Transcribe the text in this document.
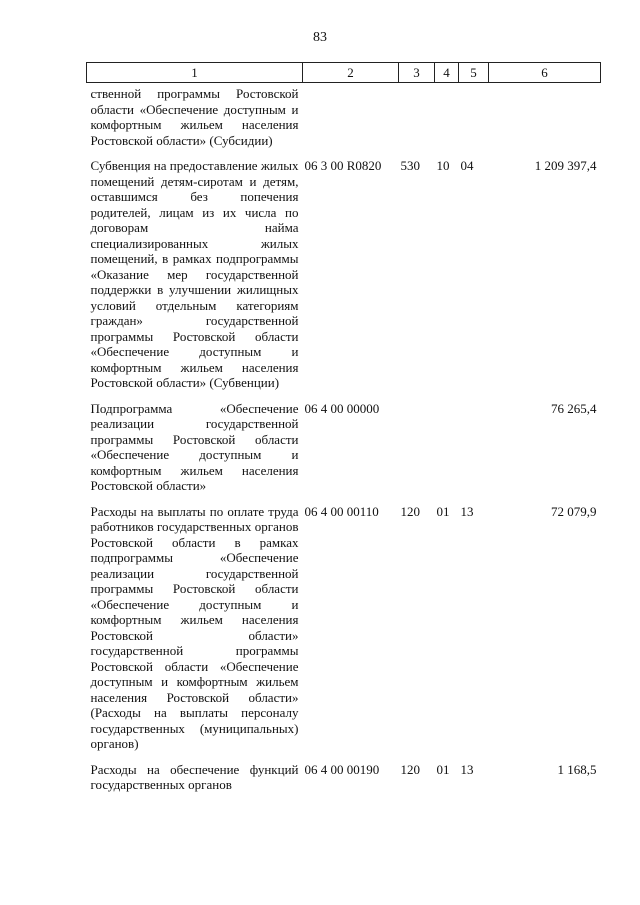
83
1	2	3	4	5	6
ственной программы Ростовской области «Обеспечение доступным и комфортным жильем населения Ростовской области» (Субсидии)					
Субвенция на предоставление жилых помещений детям-сиротам и детям, оставшимся без попечения родителей, лицам из их числа по договорам найма специализированных жилых помещений, в рамках подпрограммы «Оказание мер государственной поддержки в улучшении жилищных условий отдельным категориям граждан» государственной программы Ростовской области «Обеспечение доступным и комфортным жильем населения Ростовской области» (Субвенции)	06 3 00 R0820	530	10	04	1 209 397,4
Подпрограмма «Обеспечение реализации государственной программы Ростовской области «Обеспечение доступным и комфортным жильем населения Ростовской области»	06 4 00 00000				76 265,4
Расходы на выплаты по оплате труда работников государственных органов Ростовской области в рамках подпрограммы «Обеспечение реализации государственной программы Ростовской области «Обеспечение доступным и комфортным жильем населения Ростовской области» государственной программы Ростовской области «Обеспечение доступным и комфортным жильем населения Ростовской области» (Расходы на выплаты персоналу государственных (муниципальных) органов)	06 4 00 00110	120	01	13	72 079,9
Расходы на обеспечение функций государственных органов	06 4 00 00190	120	01	13	1 168,5
